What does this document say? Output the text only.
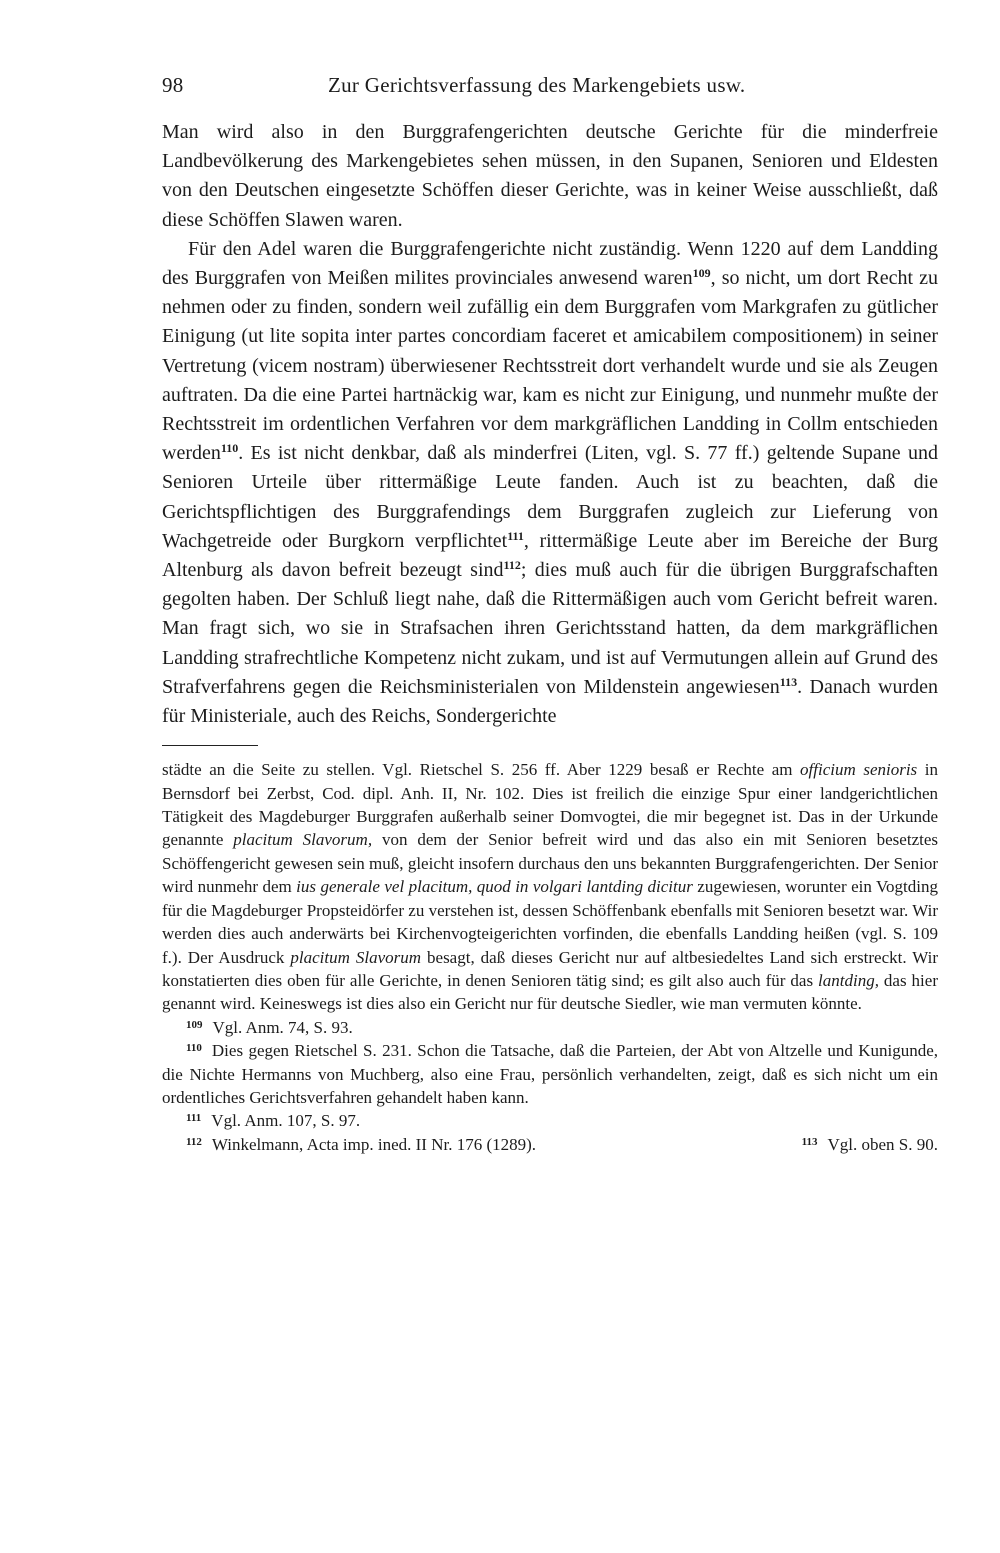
98	Zur Gerichtsverfassung des Markengebiets usw.

Man wird also in den Burggrafengerichten deutsche Gerichte für die minderfreie Landbevölkerung des Markengebietes sehen müssen, in den Supanen, Senioren und Eldesten von den Deutschen eingesetzte Schöffen dieser Gerichte, was in keiner Weise ausschließt, daß diese Schöffen Slawen waren.

Für den Adel waren die Burggrafengerichte nicht zuständig. Wenn 1220 auf dem Landding des Burggrafen von Meißen milites provinciales anwesend waren$^{109}$, so nicht, um dort Recht zu nehmen oder zu finden, sondern weil zufällig ein dem Burggrafen vom Markgrafen zu gütlicher Einigung (ut lite sopita inter partes concordiam faceret et amicabilem compositionem) in seiner Vertretung (vicem nostram) überwiesener Rechtsstreit dort verhandelt wurde und sie als Zeugen auftraten. Da die eine Partei hartnäckig war, kam es nicht zur Einigung, und nunmehr mußte der Rechtsstreit im ordentlichen Verfahren vor dem markgräflichen Landding in Collm entschieden werden$^{110}$. Es ist nicht denkbar, daß als minderfrei (Liten, vgl. S. 77 ff.) geltende Supane und Senioren Urteile über rittermäßige Leute fanden. Auch ist zu beachten, daß die Gerichtspflichtigen des Burggrafendings dem Burggrafen zugleich zur Lieferung von Wachgetreide oder Burgkorn verpflichtet$^{111}$, rittermäßige Leute aber im Bereiche der Burg Altenburg als davon befreit bezeugt sind$^{112}$; dies muß auch für die übrigen Burggrafschaften gegolten haben. Der Schluß liegt nahe, daß die Rittermäßigen auch vom Gericht befreit waren. Man fragt sich, wo sie in Strafsachen ihren Gerichtsstand hatten, da dem markgräflichen Landding strafrechtliche Kompetenz nicht zukam, und ist auf Vermutungen allein auf Grund des Strafverfahrens gegen die Reichsministerialen von Mildenstein angewiesen$^{113}$. Danach wurden für Ministeriale, auch des Reichs, Sondergerichte

städte an die Seite zu stellen. Vgl. Rietschel S. 256 ff. Aber 1229 besaß er Rechte am officium senioris in Bernsdorf bei Zerbst, Cod. dipl. Anh. II, Nr. 102. Dies ist freilich die einzige Spur einer landgerichtlichen Tätigkeit des Magdeburger Burggrafen außerhalb seiner Domvogtei, die mir begegnet ist. Das in der Urkunde genannte placitum Slavorum, von dem der Senior befreit wird und das also ein mit Senioren besetztes Schöffengericht gewesen sein muß, gleicht insofern durchaus den uns bekannten Burggrafengerichten. Der Senior wird nunmehr dem ius generale vel placitum, quod in volgari lantding dicitur zugewiesen, worunter ein Vogtding für die Magdeburger Propsteidörfer zu verstehen ist, dessen Schöffenbank ebenfalls mit Senioren besetzt war. Wir werden dies auch anderwärts bei Kirchenvogteigerichten vorfinden, die ebenfalls Landding heißen (vgl. S. 109 f.). Der Ausdruck placitum Slavorum besagt, daß dieses Gericht nur auf altbesiedeltes Land sich erstreckt. Wir konstatierten dies oben für alle Gerichte, in denen Senioren tätig sind; es gilt also auch für das lantding, das hier genannt wird. Keineswegs ist dies also ein Gericht nur für deutsche Siedler, wie man vermuten könnte.

$^{109}$ Vgl. Anm. 74, S. 93.

$^{110}$ Dies gegen Rietschel S. 231. Schon die Tatsache, daß die Parteien, der Abt von Altzelle und Kunigunde, die Nichte Hermanns von Muchberg, also eine Frau, persönlich verhandelten, zeigt, daß es sich nicht um ein ordentliches Gerichtsverfahren gehandelt haben kann.

$^{111}$ Vgl. Anm. 107, S. 97.

$^{112}$ Winkelmann, Acta imp. ined. II Nr. 176 (1289).	$^{113}$ Vgl. oben S. 90.
